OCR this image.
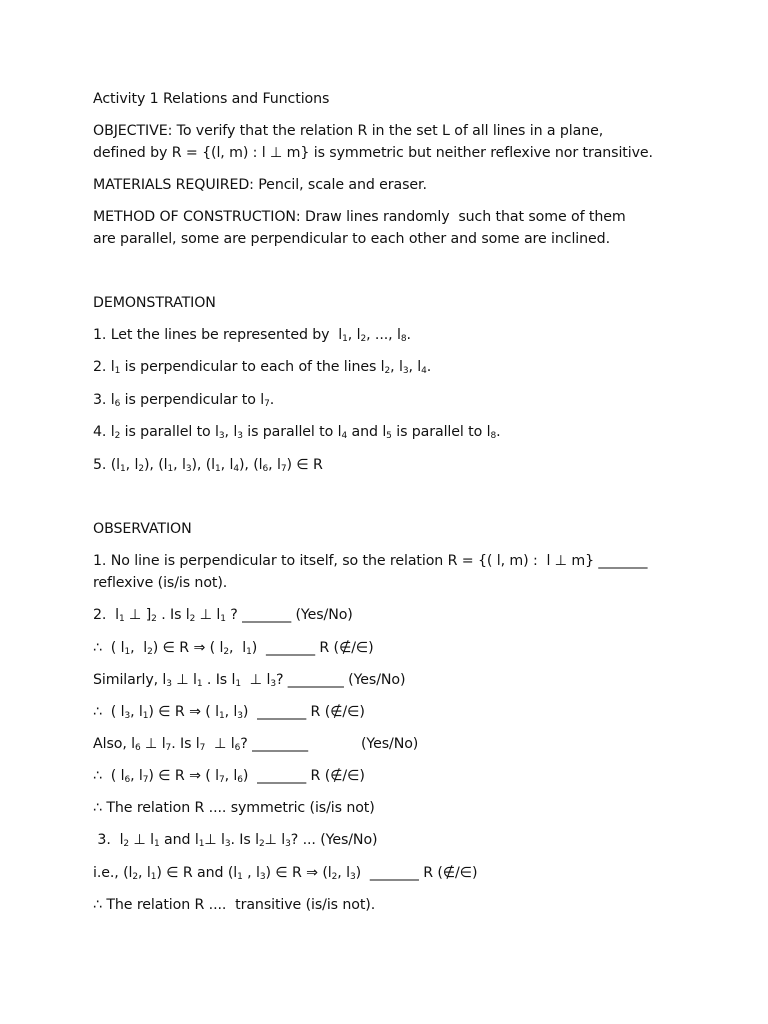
Activity 1 Relations and Functions
OBJECTIVE: To verify that the relation R in the set L of all lines in a plane,
defined by R = {(l, m) : l ⊥ m} is symmetric but neither reflexive nor transitive.
MATERIALS REQUIRED: Pencil, scale and eraser.
METHOD OF CONSTRUCTION: Draw lines randomly  such that some of them
are parallel, some are perpendicular to each other and some are inclined.
DEMONSTRATION
1. Let the lines be represented by  $l_1$, $l_2$, ..., $l_8$.
2. $l_1$ is perpendicular to each of the lines $l_2$, $l_3$, $l_4$.
3. $l_6$ is perpendicular to $l_7$.
4. $l_2$ is parallel to $l_3$, $l_3$ is parallel to $l_4$ and $l_5$ is parallel to $l_8$.
5. ($l_1$, $l_2$), ($l_1$, $l_3$), ($l_1$, $l_4$), ($l_6$, $l_7$) ∈ R
OBSERVATION
1. No line is perpendicular to itself, so the relation R = {( l, m) :  l ⊥ m} _______
reflexive (is/is not).
2.  $l_1$ ⊥ ]$_2$ . Is $l_2$ ⊥ $l_1$ ? _______ (Yes/No)
∴  ( $l_1$,  $l_2$) ∈ R ⇒ ( $l_2$,  $l_1$)  _______ R (∉/∈)
Similarly, $l_3$ ⊥ $l_1$ . Is $l_1$  ⊥ $l_3$? ________ (Yes/No)
∴  ( $l_3$, $l_1$) ∈ R ⇒ ( $l_1$, $l_3$)  _______ R (∉/∈)
Also, $l_6$ ⊥ $l_7$. Is $l_7$  ⊥ $l_6$? ________            (Yes/No)
∴  ( $l_6$, $l_7$) ∈ R ⇒ ( $l_7$, $l_6$)  _______ R (∉/∈)
∴ The relation R .... symmetric (is/is not)
3.  $l_2$ ⊥ $l_1$ and $l_1\perp$ $l_3$. Is $l_2\perp$ $l_3$? ... (Yes/No)
i.e., ($l_2$, $l_1$) ∈ R and ($l_1$ , $l_3$) ∈ R ⇒ ($l_2$, $l_3$)  _______ R (∉/∈)
∴ The relation R ....  transitive (is/is not).
